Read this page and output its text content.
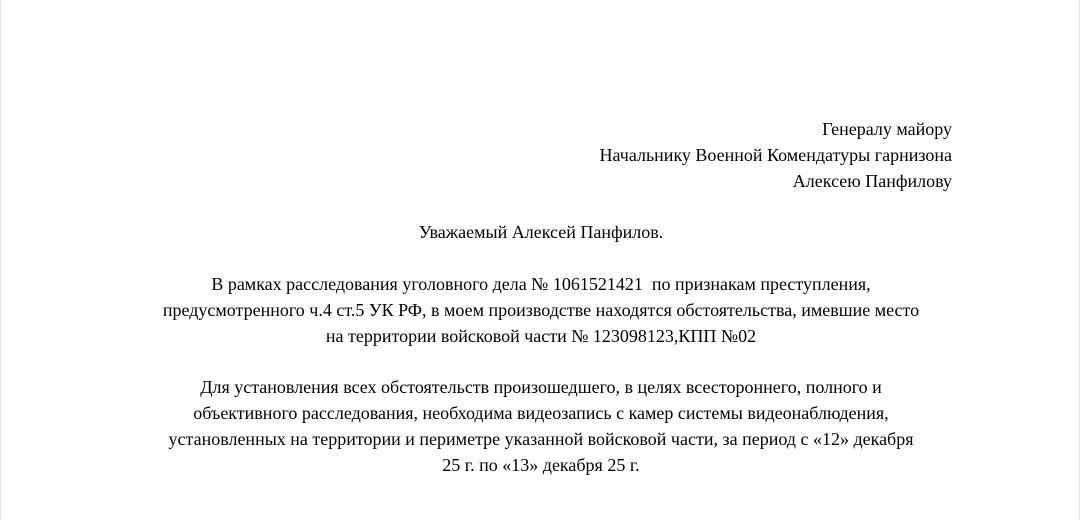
Генералу майору
Начальнику Военной Комендатуры гарнизона
Алексею Панфилову
Уважаемый Алексей Панфилов.
В рамках расследования уголовного дела № 1061521421  по признакам преступления,
предусмотренного ч.4 ст.5 УК РФ, в моем производстве находятся обстоятельства, имевшие место
на территории войсковой части № 123098123,КПП №02
Для установления всех обстоятельств произошедшего, в целях всестороннего, полного и
объективного расследования, необходима видеозапись с камер системы видеонаблюдения,
установленных на территории и периметре указанной войсковой части, за период с «12» декабря
25 г. по «13» декабря 25 г.
